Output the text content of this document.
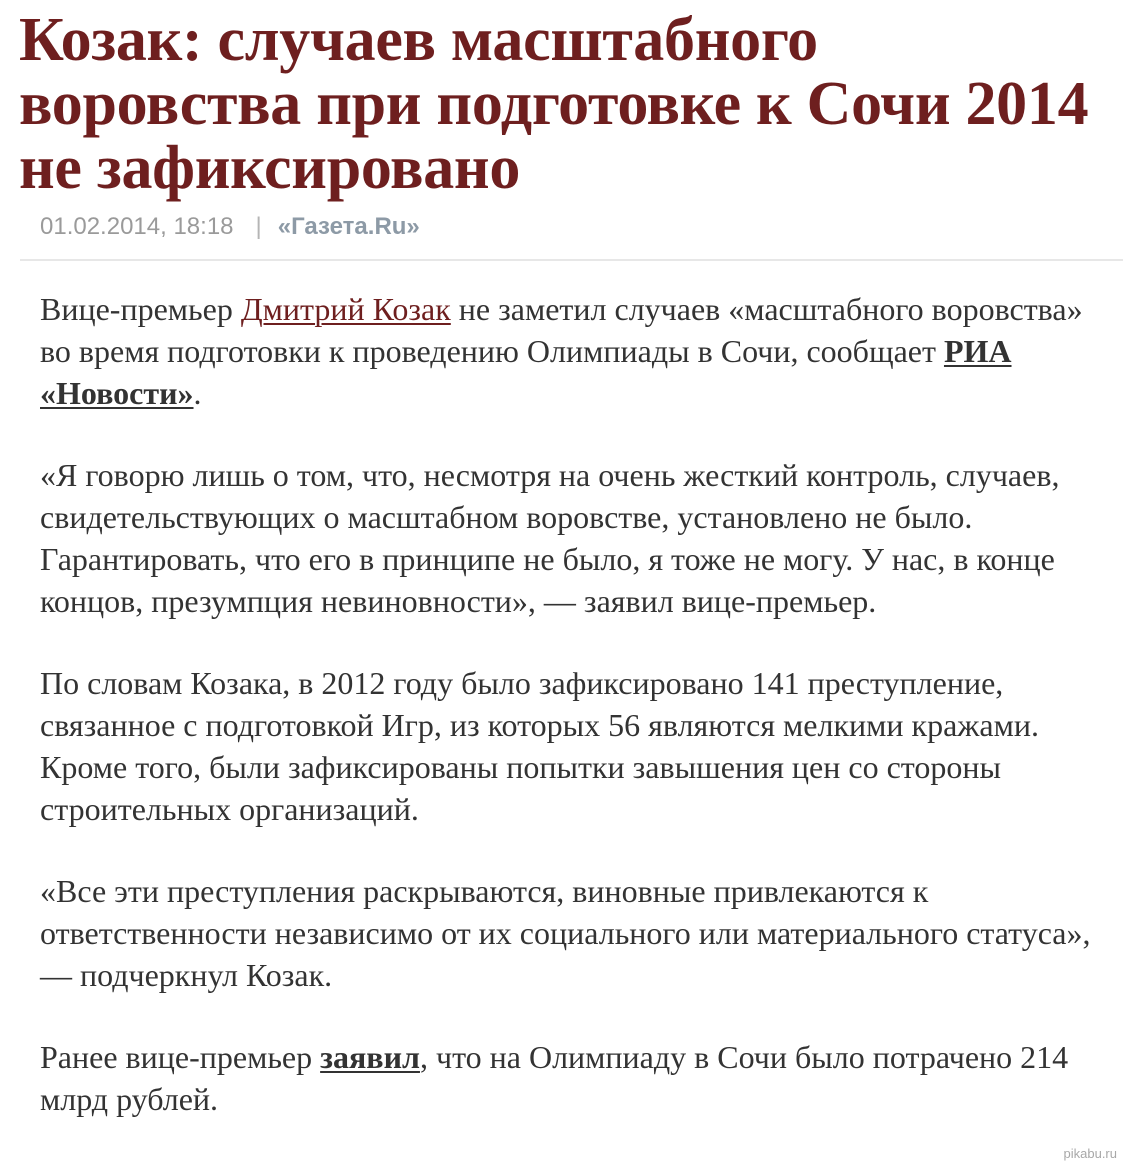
Козак: случаев масштабного воровства при подготовке к Сочи 2014 не зафиксировано
01.02.2014, 18:18 | «Газета.Ru»

Вице-премьер Дмитрий Козак не заметил случаев «масштабного воровства» во время подготовки к проведению Олимпиады в Сочи, сообщает РИА «Новости».

«Я говорю лишь о том, что, несмотря на очень жесткий контроль, случаев, свидетельствующих о масштабном воровстве, установлено не было. Гарантировать, что его в принципе не было, я тоже не могу. У нас, в конце концов, презумпция невиновности», — заявил вице-премьер.

По словам Козака, в 2012 году было зафиксировано 141 преступление, связанное с подготовкой Игр, из которых 56 являются мелкими кражами. Кроме того, были зафиксированы попытки завышения цен со стороны строительных организаций.

«Все эти преступления раскрываются, виновные привлекаются к ответственности независимо от их социального или материального статуса», — подчеркнул Козак.

Ранее вице-премьер заявил, что на Олимпиаду в Сочи было потрачено 214 млрд рублей.

pikabu.ru
